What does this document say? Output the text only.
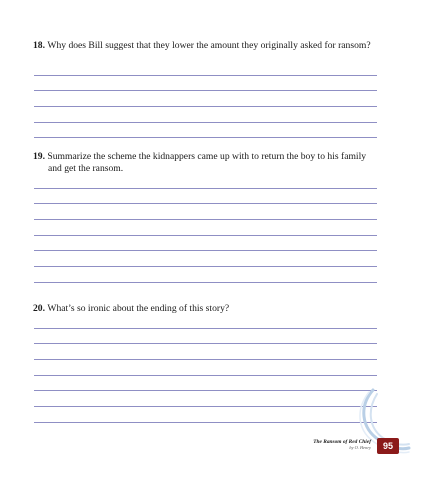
18. Why does Bill suggest that they lower the amount they originally asked for ransom?

19. Summarize the scheme the kidnappers came up with to return the boy to his family and get the ransom.

20. What’s so ironic about the ending of this story?

The Ransom of Red Chief
by O. Henry	95
